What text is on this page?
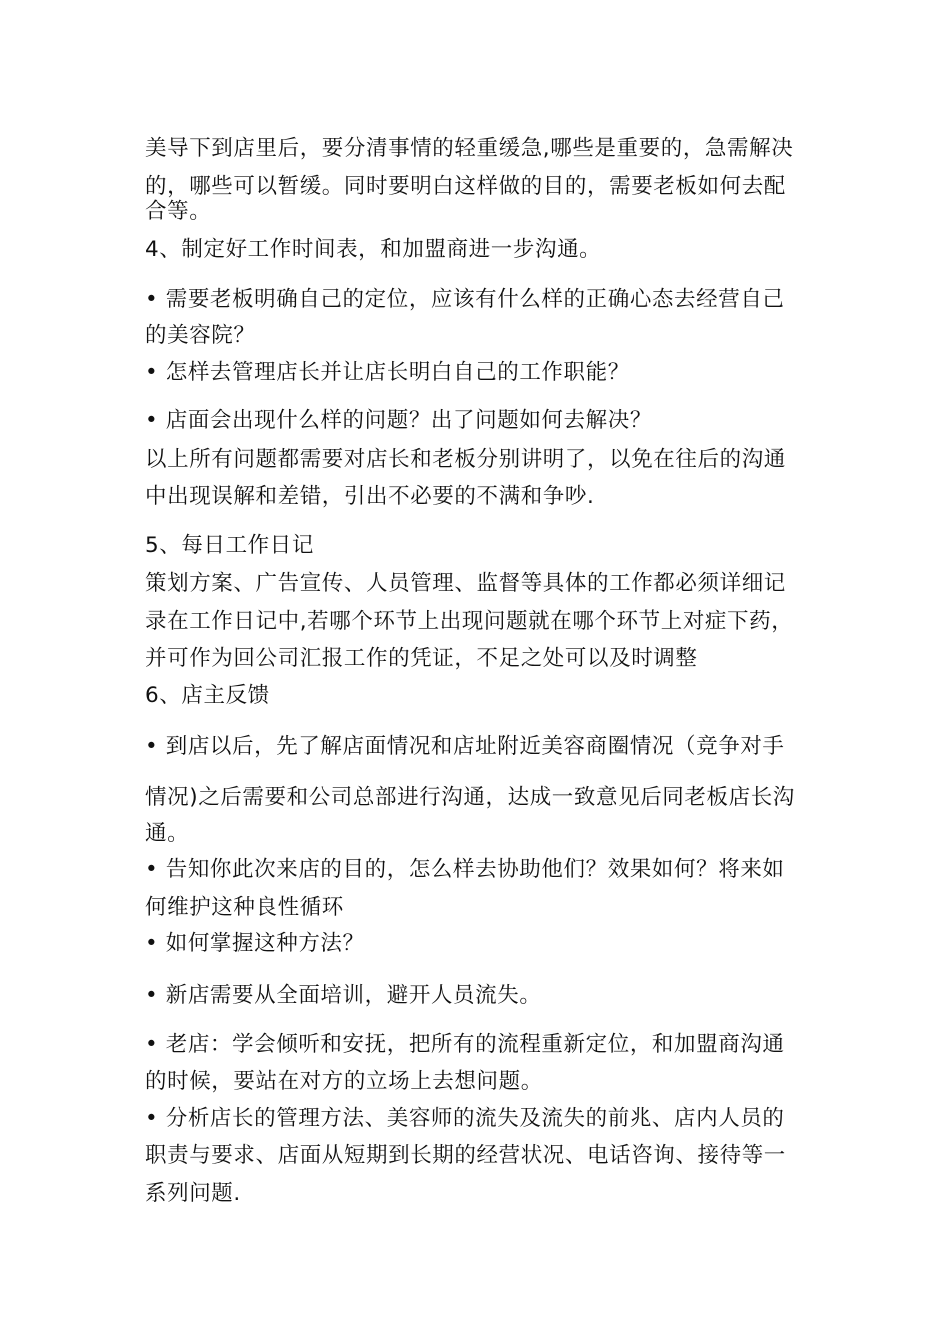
美导下到店里后，要分清事情的轻重缓急,哪些是重要的，急需解决
的，哪些可以暂缓。同时要明白这样做的目的，需要老板如何去配
合等。
4、制定好工作时间表，和加盟商进一步沟通。
• 需要老板明确自己的定位，应该有什么样的正确心态去经营自己
的美容院？
• 怎样去管理店长并让店长明白自己的工作职能？
• 店面会出现什么样的问题？出了问题如何去解决？
以上所有问题都需要对店长和老板分别讲明了，以免在往后的沟通
中出现误解和差错，引出不必要的不满和争吵.
5、每日工作日记
策划方案、广告宣传、人员管理、监督等具体的工作都必须详细记
录在工作日记中,若哪个环节上出现问题就在哪个环节上对症下药，
并可作为回公司汇报工作的凭证，不足之处可以及时调整
6、店主反馈
• 到店以后，先了解店面情况和店址附近美容商圈情况（竞争对手
情况)之后需要和公司总部进行沟通，达成一致意见后同老板店长沟
通。
• 告知你此次来店的目的，怎么样去协助他们？效果如何？将来如
何维护这种良性循环
• 如何掌握这种方法？
• 新店需要从全面培训，避开人员流失。
• 老店：学会倾听和安抚，把所有的流程重新定位，和加盟商沟通
的时候，要站在对方的立场上去想问题。
• 分析店长的管理方法、美容师的流失及流失的前兆、店内人员的
职责与要求、店面从短期到长期的经营状况、电话咨询、接待等一
系列问题.
